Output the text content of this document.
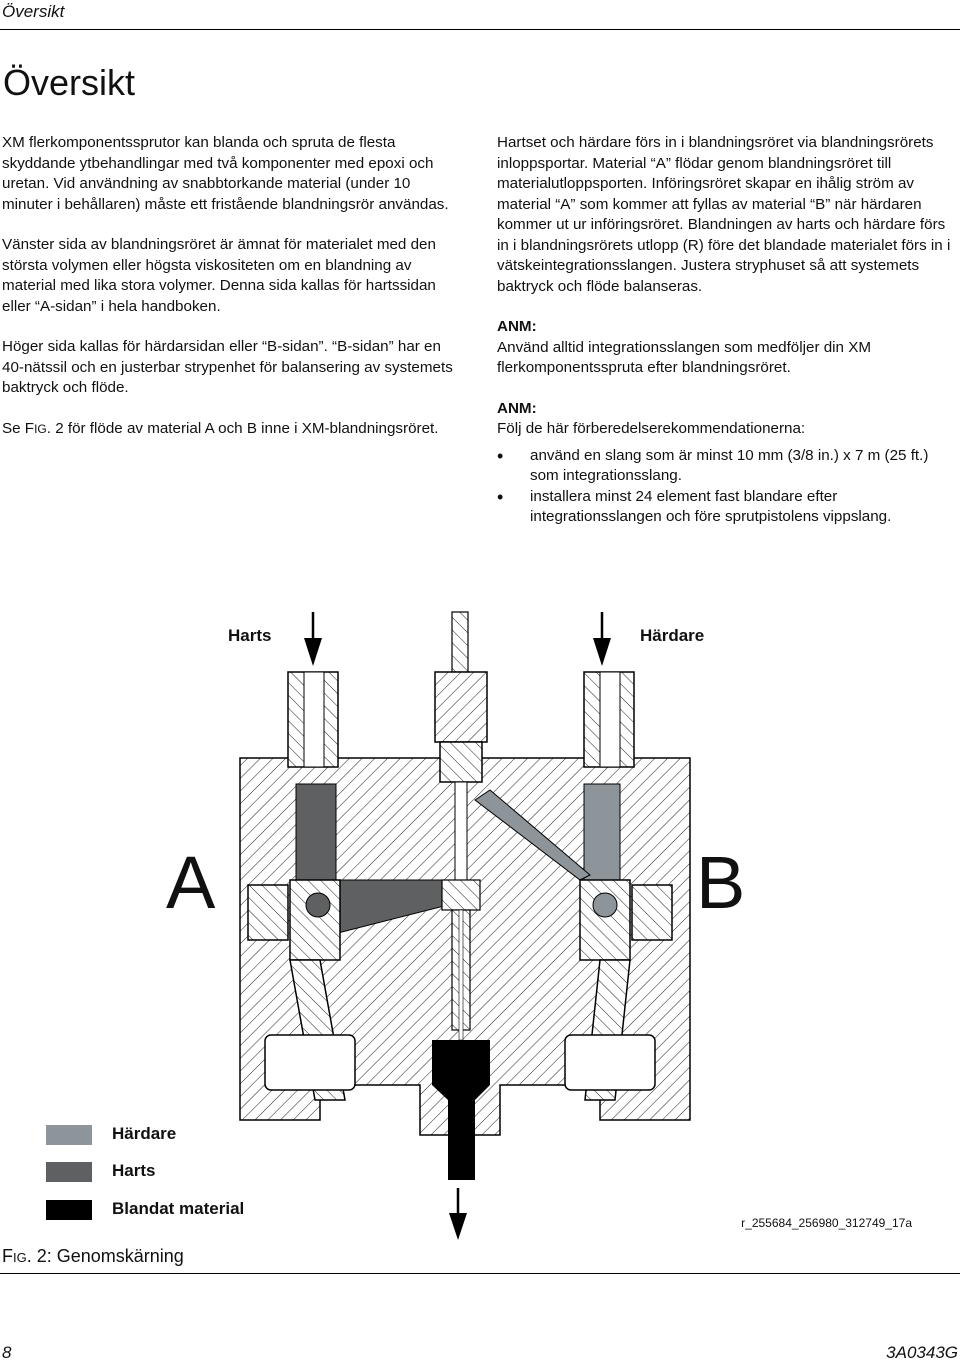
Översikt
Översikt

XM flerkomponentssprutor kan blanda och spruta de flesta skyddande ytbehandlingar med två komponenter med epoxi och uretan. Vid användning av snabbtorkande material (under 10 minuter i behållaren) måste ett fristående blandningsrör användas.

Vänster sida av blandningsröret är ämnat för materialet med den största volymen eller högsta viskositeten om en blandning av material med lika stora volymer. Denna sida kallas för hartssidan eller “A-sidan” i hela handboken.

Höger sida kallas för härdarsidan eller “B-sidan”. “B-sidan” har en 40-nätssil och en justerbar strypenhet för balansering av systemets baktryck och flöde.

Se FIG. 2 för flöde av material A och B inne i XM-blandningsröret.

Hartset och härdare förs in i blandningsröret via blandningsrörets inloppsportar. Material “A” flödar genom blandningsröret till materialutloppsporten. Införingsröret skapar en ihålig ström av material “A” som kommer att fyllas av material “B” när härdaren kommer ut ur införingsröret. Blandningen av harts och härdare förs in i blandningsrörets utlopp (R) före det blandade materialet förs in i vätskeintegrationsslangen. Justera stryphuset så att systemets baktryck och flöde balanseras.

ANM:

Använd alltid integrationsslangen som medföljer din XM flerkomponentsspruta efter blandningsröret.

ANM:
Följ de här förberedelserekommendationerna:
• använd en slang som är minst 10 mm (3/8 in.) x 7 m (25 ft.) som integrationsslang.
• installera minst 24 element fast blandare efter integrationsslangen och före sprutpistolens vippslang.
Harts	Härdare
A	B
Härdare
Harts
Blandat material
r_255684_256980_312749_17a
FIG. 2: Genomskärning
8	3A0343G
